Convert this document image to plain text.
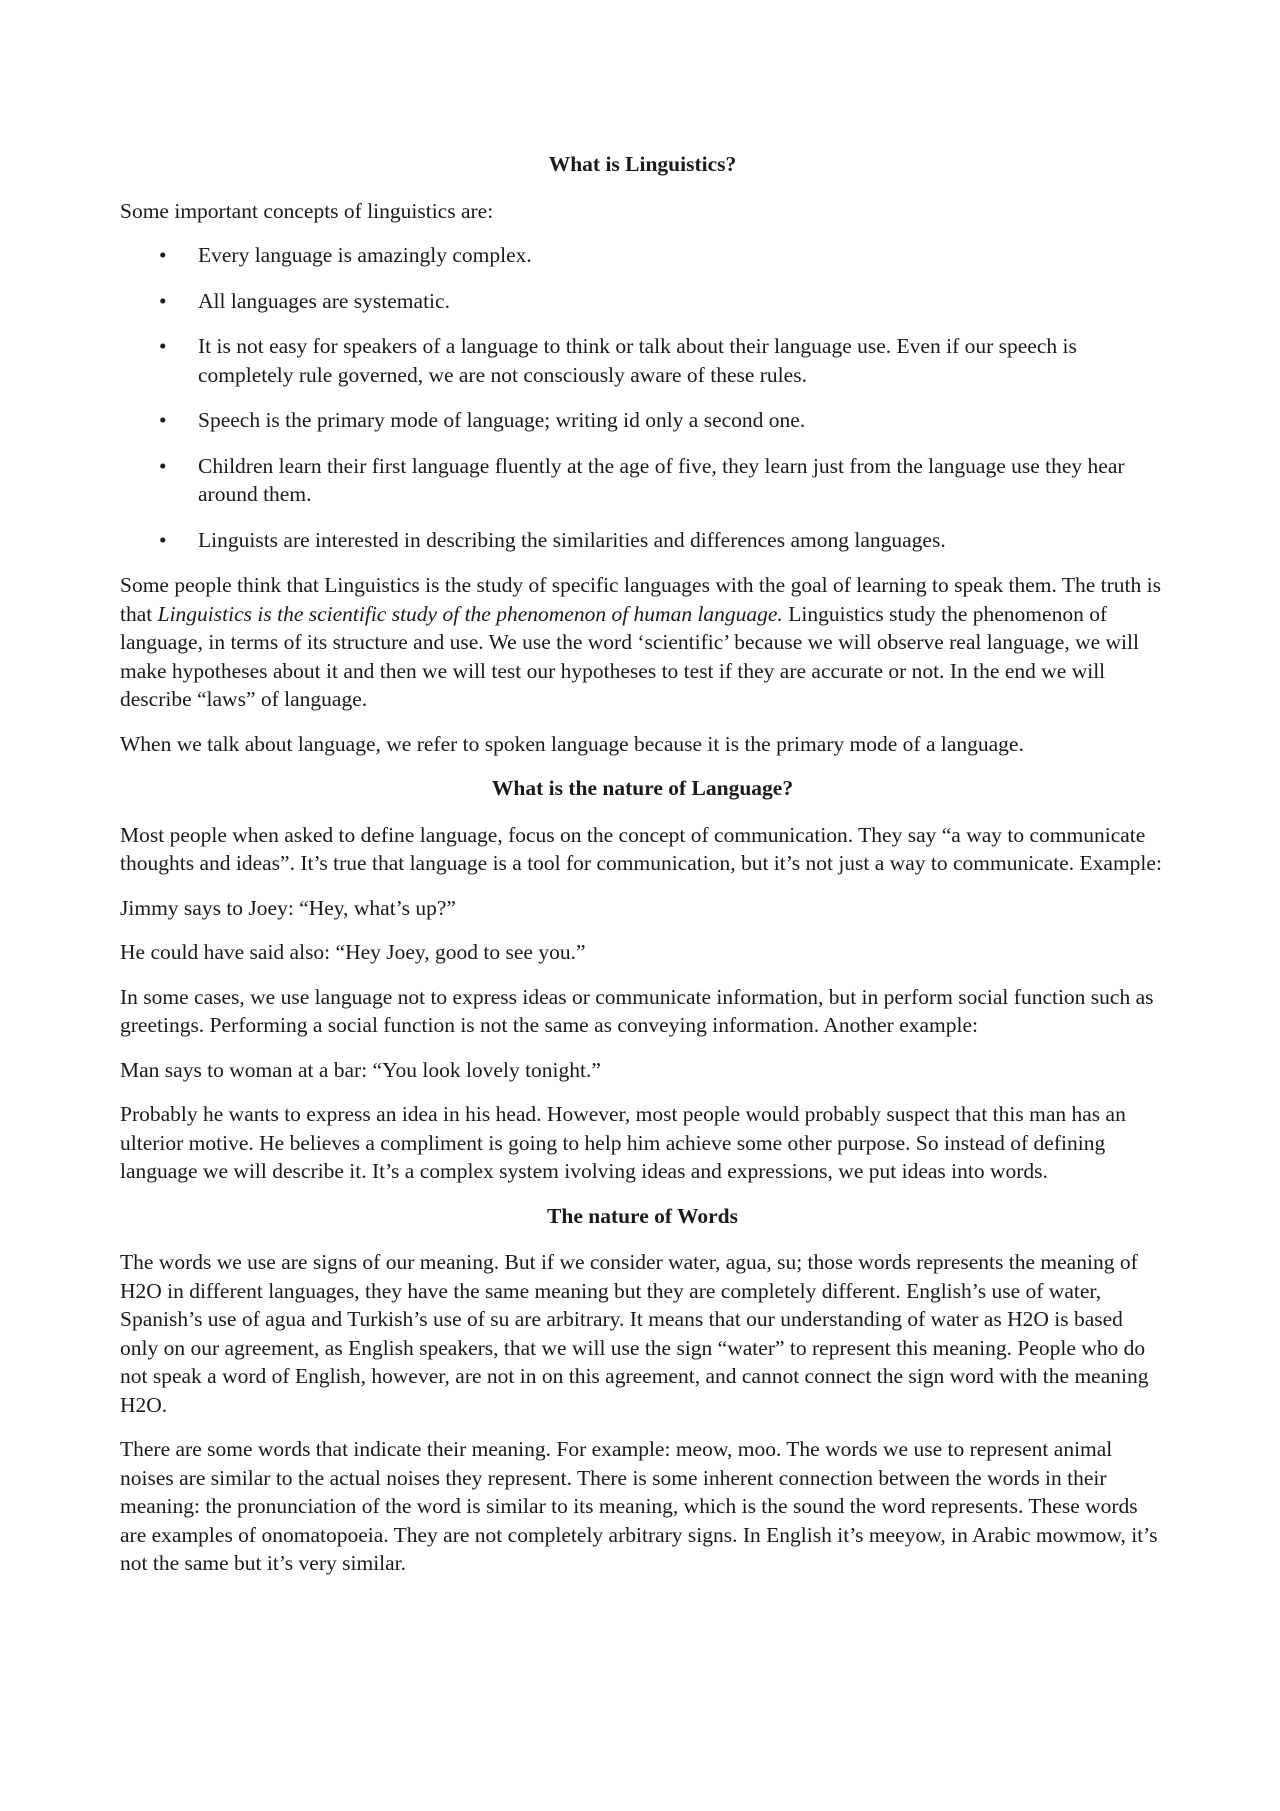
What is Linguistics?

Some important concepts of linguistics are:

• Every language is amazingly complex.
• All languages are systematic.
• It is not easy for speakers of a language to think or talk about their language use. Even if our speech is completely rule governed, we are not consciously aware of these rules.
• Speech is the primary mode of language; writing id only a second one.
• Children learn their first language fluently at the age of five, they learn just from the language use they hear around them.
• Linguists are interested in describing the similarities and differences among languages.

Some people think that Linguistics is the study of specific languages with the goal of learning to speak them. The truth is that Linguistics is the scientific study of the phenomenon of human language. Linguistics study the phenomenon of language, in terms of its structure and use. We use the word ‘scientific’ because we will observe real language, we will make hypotheses about it and then we will test our hypotheses to test if they are accurate or not. In the end we will describe “laws” of language.

When we talk about language, we refer to spoken language because it is the primary mode of a language.

What is the nature of Language?

Most people when asked to define language, focus on the concept of communication. They say “a way to communicate thoughts and ideas”. It’s true that language is a tool for communication, but it’s not just a way to communicate. Example:

Jimmy says to Joey: “Hey, what’s up?”

He could have said also: “Hey Joey, good to see you.”

In some cases, we use language not to express ideas or communicate information, but in perform social function such as greetings. Performing a social function is not the same as conveying information. Another example:

Man says to woman at a bar: “You look lovely tonight.”

Probably he wants to express an idea in his head. However, most people would probably suspect that this man has an ulterior motive. He believes a compliment is going to help him achieve some other purpose. So instead of defining language we will describe it. It’s a complex system ivolving ideas and expressions, we put ideas into words.

The nature of Words

The words we use are signs of our meaning. But if we consider water, agua, su; those words represents the meaning of H2O in different languages, they have the same meaning but they are completely different. English’s use of water, Spanish’s use of agua and Turkish’s use of su are arbitrary. It means that our understanding of water as H2O is based only on our agreement, as English speakers, that we will use the sign “water” to represent this meaning. People who do not speak a word of English, however, are not in on this agreement, and cannot connect the sign word with the meaning H2O.

There are some words that indicate their meaning. For example: meow, moo. The words we use to represent animal noises are similar to the actual noises they represent. There is some inherent connection between the words in their meaning: the pronunciation of the word is similar to its meaning, which is the sound the word represents. These words are examples of onomatopoeia. They are not completely arbitrary signs. In English it’s meeyow, in Arabic mowmow, it’s not the same but it’s very similar.
